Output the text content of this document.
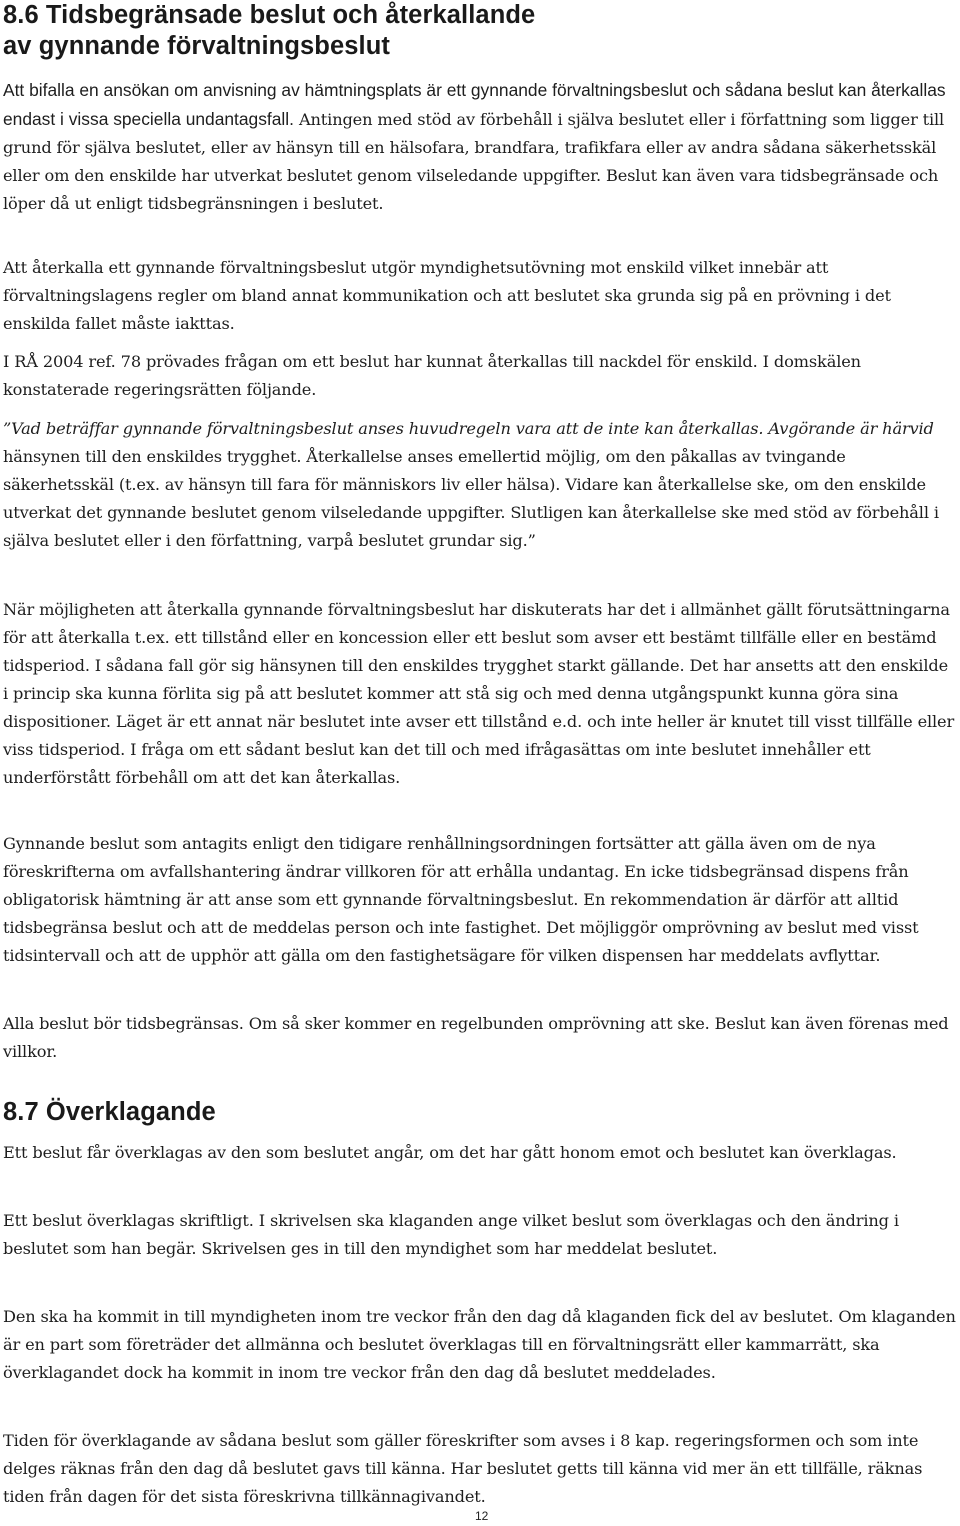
8.6 Tidsbegränsade beslut och återkallande
av gynnande förvaltningsbeslut

Att bifalla en ansökan om anvisning av hämtningsplats är ett gynnande förvaltningsbeslut och sådana beslut kan återkallas endast i vissa speciella undantagsfall. Antingen med stöd av förbehåll i själva beslutet eller i författning som ligger till grund för själva beslutet, eller av hänsyn till en hälsofara, brandfara, trafikfara eller av andra sådana säkerhetsskäl eller om den enskilde har utverkat beslutet genom vilseledande uppgifter. Beslut kan även vara tidsbegränsade och löper då ut enligt tidsbegränsningen i beslutet.

Att återkalla ett gynnande förvaltningsbeslut utgör myndighetsutövning mot enskild vilket innebär att förvaltningslagens regler om bland annat kommunikation och att beslutet ska grunda sig på en prövning i det enskilda fallet måste iakttas.

I RÅ 2004 ref. 78 prövades frågan om ett beslut har kunnat återkallas till nackdel för enskild. I domskälen konstaterade regeringsrätten följande.

”Vad beträffar gynnande förvaltningsbeslut anses huvudregeln vara att de inte kan återkallas. Avgörande är härvid hänsynen till den enskildes trygghet. Återkallelse anses emellertid möjlig, om den påkallas av tvingande säkerhetsskäl (t.ex. av hänsyn till fara för människors liv eller hälsa). Vidare kan återkallelse ske, om den enskilde utverkat det gynnande beslutet genom vilseledande uppgifter. Slutligen kan återkallelse ske med stöd av förbehåll i själva beslutet eller i den författning, varpå beslutet grundar sig.”

När möjligheten att återkalla gynnande förvaltningsbeslut har diskuterats har det i allmänhet gällt förutsättningarna för att återkalla t.ex. ett tillstånd eller en koncession eller ett beslut som avser ett bestämt tillfälle eller en bestämd tidsperiod. I sådana fall gör sig hänsynen till den enskildes trygghet starkt gällande. Det har ansetts att den enskilde i princip ska kunna förlita sig på att beslutet kommer att stå sig och med denna utgångspunkt kunna göra sina dispositioner. Läget är ett annat när beslutet inte avser ett tillstånd e.d. och inte heller är knutet till visst tillfälle eller viss tidsperiod. I fråga om ett sådant beslut kan det till och med ifrågasättas om inte beslutet innehåller ett underförstått förbehåll om att det kan återkallas.

Gynnande beslut som antagits enligt den tidigare renhållningsordningen fortsätter att gälla även om de nya föreskrifterna om avfallshantering ändrar villkoren för att erhålla undantag. En icke tidsbegränsad dispens från obligatorisk hämtning är att anse som ett gynnande förvaltningsbeslut. En rekommendation är därför att alltid tidsbegränsa beslut och att de meddelas person och inte fastighet. Det möjliggör omprövning av beslut med visst tidsintervall och att de upphör att gälla om den fastighetsägare för vilken dispensen har meddelats avflyttar.

Alla beslut bör tidsbegränsas. Om så sker kommer en regelbunden omprövning att ske. Beslut kan även förenas med villkor.

8.7 Överklagande

Ett beslut får överklagas av den som beslutet angår, om det har gått honom emot och beslutet kan överklagas.

Ett beslut överklagas skriftligt. I skrivelsen ska klaganden ange vilket beslut som överklagas och den ändring i beslutet som han begär. Skrivelsen ges in till den myndighet som har meddelat beslutet.

Den ska ha kommit in till myndigheten inom tre veckor från den dag då klaganden fick del av beslutet. Om klaganden är en part som företräder det allmänna och beslutet överklagas till en förvaltningsrätt eller kammarrätt, ska överklagandet dock ha kommit in inom tre veckor från den dag då beslutet meddelades.

Tiden för överklagande av sådana beslut som gäller föreskrifter som avses i 8 kap. regeringsformen och som inte delges räknas från den dag då beslutet gavs till känna. Har beslutet getts till känna vid mer än ett tillfälle, räknas tiden från dagen för det sista föreskrivna tillkännagivandet.

12
